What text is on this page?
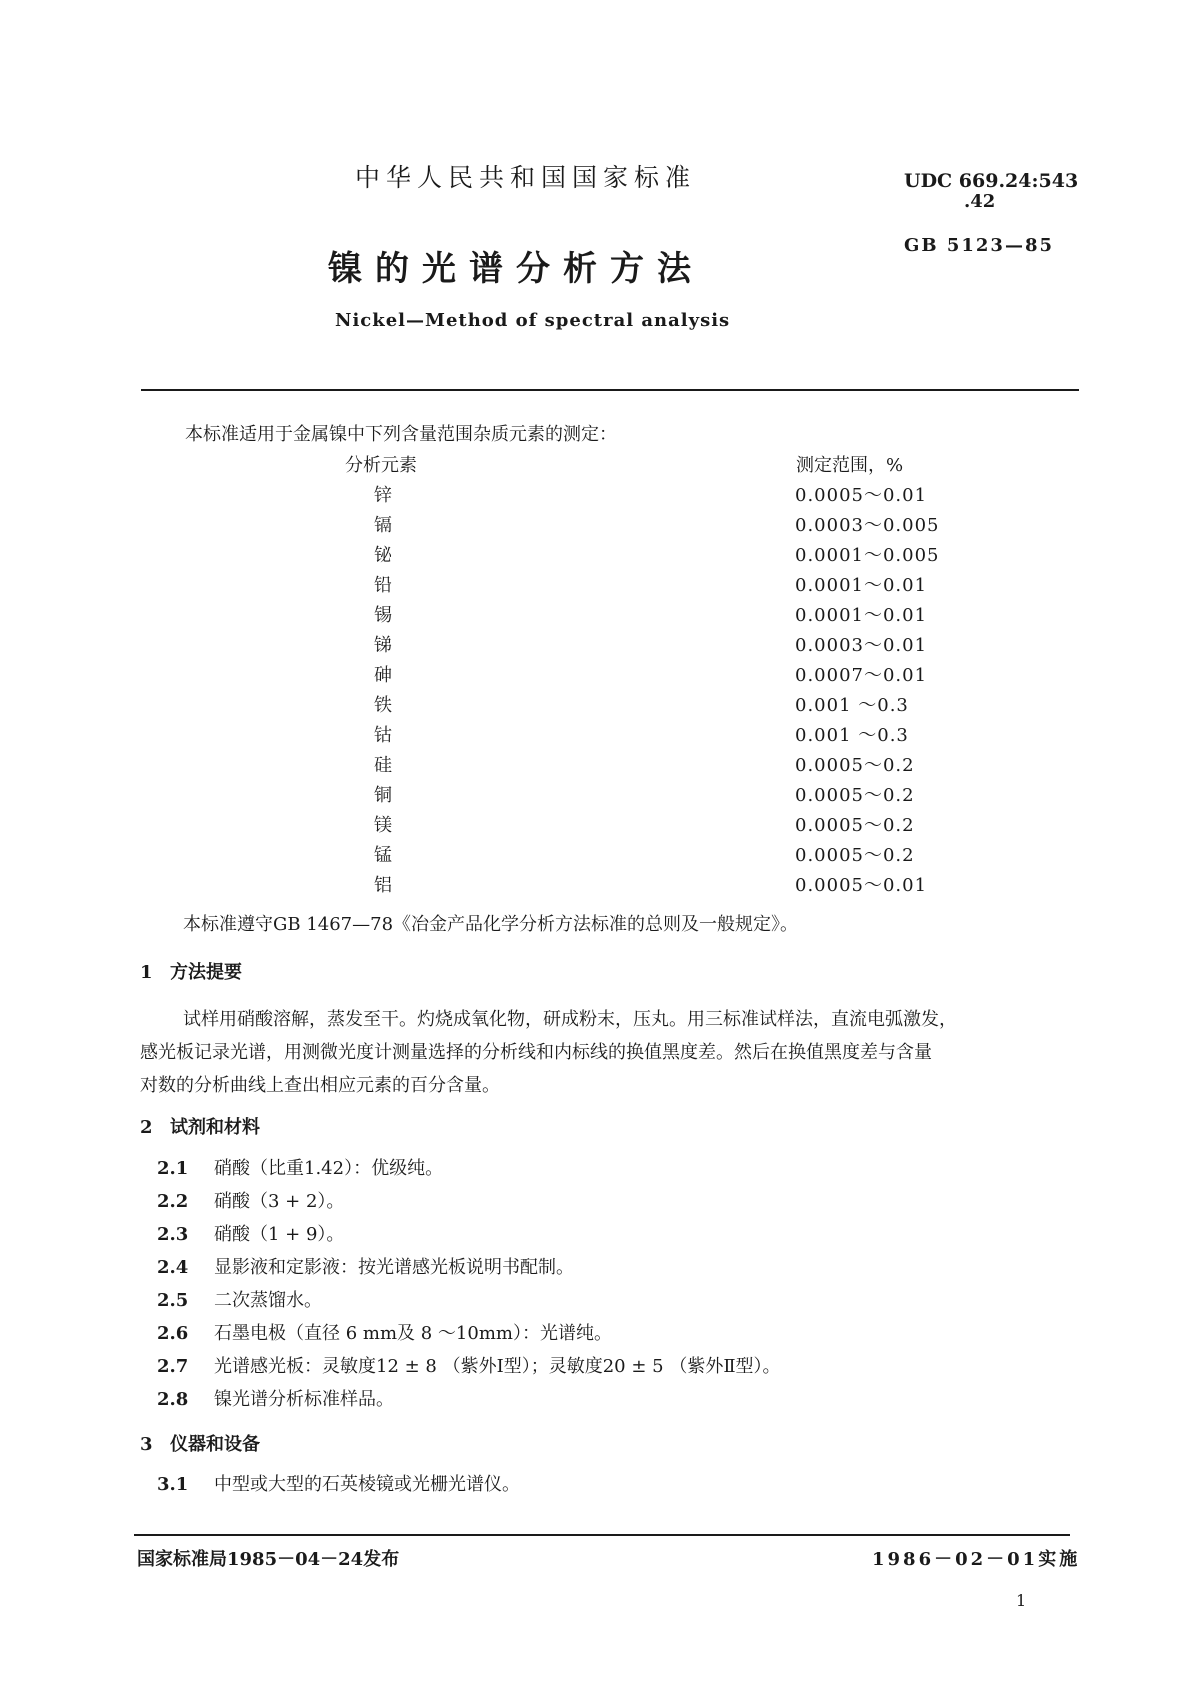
中华人民共和国国家标准	UDC 669.24:543

.42

镍的光谱分析方法

GB 5123—85

Nickel—Method of spectral analysis

本标准适用于金属镍中下列含量范围杂质元素的测定：

分析元素	测定范围，%

锌	0.0005～0.01

镉	0.0003～0.005

铋	0.0001～0.005

铅	0.0001～0.01

锡	0.0001～0.01

锑	0.0003～0.01

砷	0.0007～0.01

铁	0.001 ～0.3

钴	0.001 ～0.3

硅	0.0005～0.2

铜	0.0005～0.2

镁	0.0005～0.2

锰	0.0005～0.2

铝	0.0005～0.01

本标准遵守GB 1467—78《冶金产品化学分析方法标准的总则及一般规定》。

1 方法提要

试样用硝酸溶解，蒸发至干。灼烧成氧化物，研成粉末，压丸。用三标准试样法，直流电弧激发，

感光板记录光谱，用测微光度计测量选择的分析线和内标线的换值黑度差。然后在换值黑度差与含量

对数的分析曲线上查出相应元素的百分含量。

2 试剂和材料

2.1 硝酸（比重1.42）：优级纯。

2.2 硝酸（3 + 2）。

2.3 硝酸（1 + 9）。

2.4 显影液和定影液：按光谱感光板说明书配制。

2.5 二次蒸馏水。

2.6 石墨电极（直径 6 mm及 8 ～10mm）：光谱纯。

2.7 光谱感光板：灵敏度12 ± 8 （紫外Ⅰ型）；灵敏度20 ± 5 （紫外Ⅱ型）。

2.8 镍光谱分析标准样品。

3 仪器和设备

3.1 中型或大型的石英棱镜或光栅光谱仪。

国家标准局1985－04－24发布	1986－02－01实施

1
